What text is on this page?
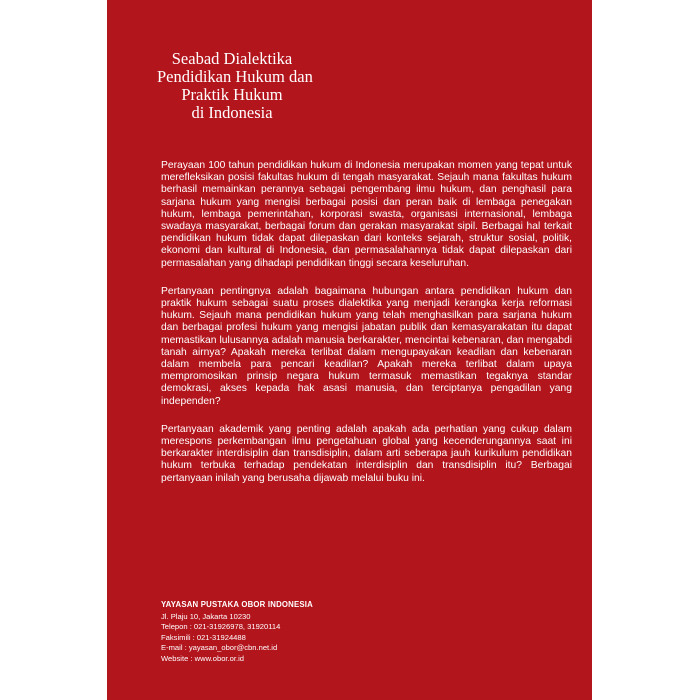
Seabad Dialektika
Pendidikan Hukum dan
Praktik Hukum
di Indonesia

Perayaan 100 tahun pendidikan hukum di Indonesia merupakan momen yang tepat untuk merefleksikan posisi fakultas hukum di tengah masyarakat. Sejauh mana fakultas hukum berhasil memainkan perannya sebagai pengembang ilmu hukum, dan penghasil para sarjana hukum yang mengisi berbagai posisi dan peran baik di lembaga penegakan hukum, lembaga pemerintahan, korporasi swasta, organisasi internasional, lembaga swadaya masyarakat, berbagai forum dan gerakan masyarakat sipil. Berbagai hal terkait pendidikan hukum tidak dapat dilepaskan dari konteks sejarah, struktur sosial, politik, ekonomi dan kultural di Indonesia, dan permasalahannya tidak dapat dilepaskan dari permasalahan yang dihadapi pendidikan tinggi secara keseluruhan.

Pertanyaan pentingnya adalah bagaimana hubungan antara pendidikan hukum dan praktik hukum sebagai suatu proses dialektika yang menjadi kerangka kerja reformasi hukum. Sejauh mana pendidikan hukum yang telah menghasilkan para sarjana hukum dan berbagai profesi hukum yang mengisi jabatan publik dan kemasyarakatan itu dapat memastikan lulusannya adalah manusia berkarakter, mencintai kebenaran, dan mengabdi tanah airnya? Apakah mereka terlibat dalam mengupayakan keadilan dan kebenaran dalam membela para pencari keadilan? Apakah mereka terlibat dalam upaya mempromosikan prinsip negara hukum termasuk memastikan tegaknya standar demokrasi, akses kepada hak asasi manusia, dan terciptanya pengadilan yang independen?

Pertanyaan akademik yang penting adalah apakah ada perhatian yang cukup dalam merespons perkembangan ilmu pengetahuan global yang kecenderungannya saat ini berkarakter interdisiplin dan transdisiplin, dalam arti seberapa jauh kurikulum pendidikan hukum terbuka terhadap pendekatan interdisiplin dan transdisiplin itu? Berbagai pertanyaan inilah yang berusaha dijawab melalui buku ini.

YAYASAN PUSTAKA OBOR INDONESIA
Jl. Plaju 10, Jakarta 10230
Telepon : 021-31926978, 31920114
Faksimili : 021-31924488
E-mail : yayasan_obor@cbn.net.id
Website : www.obor.or.id
